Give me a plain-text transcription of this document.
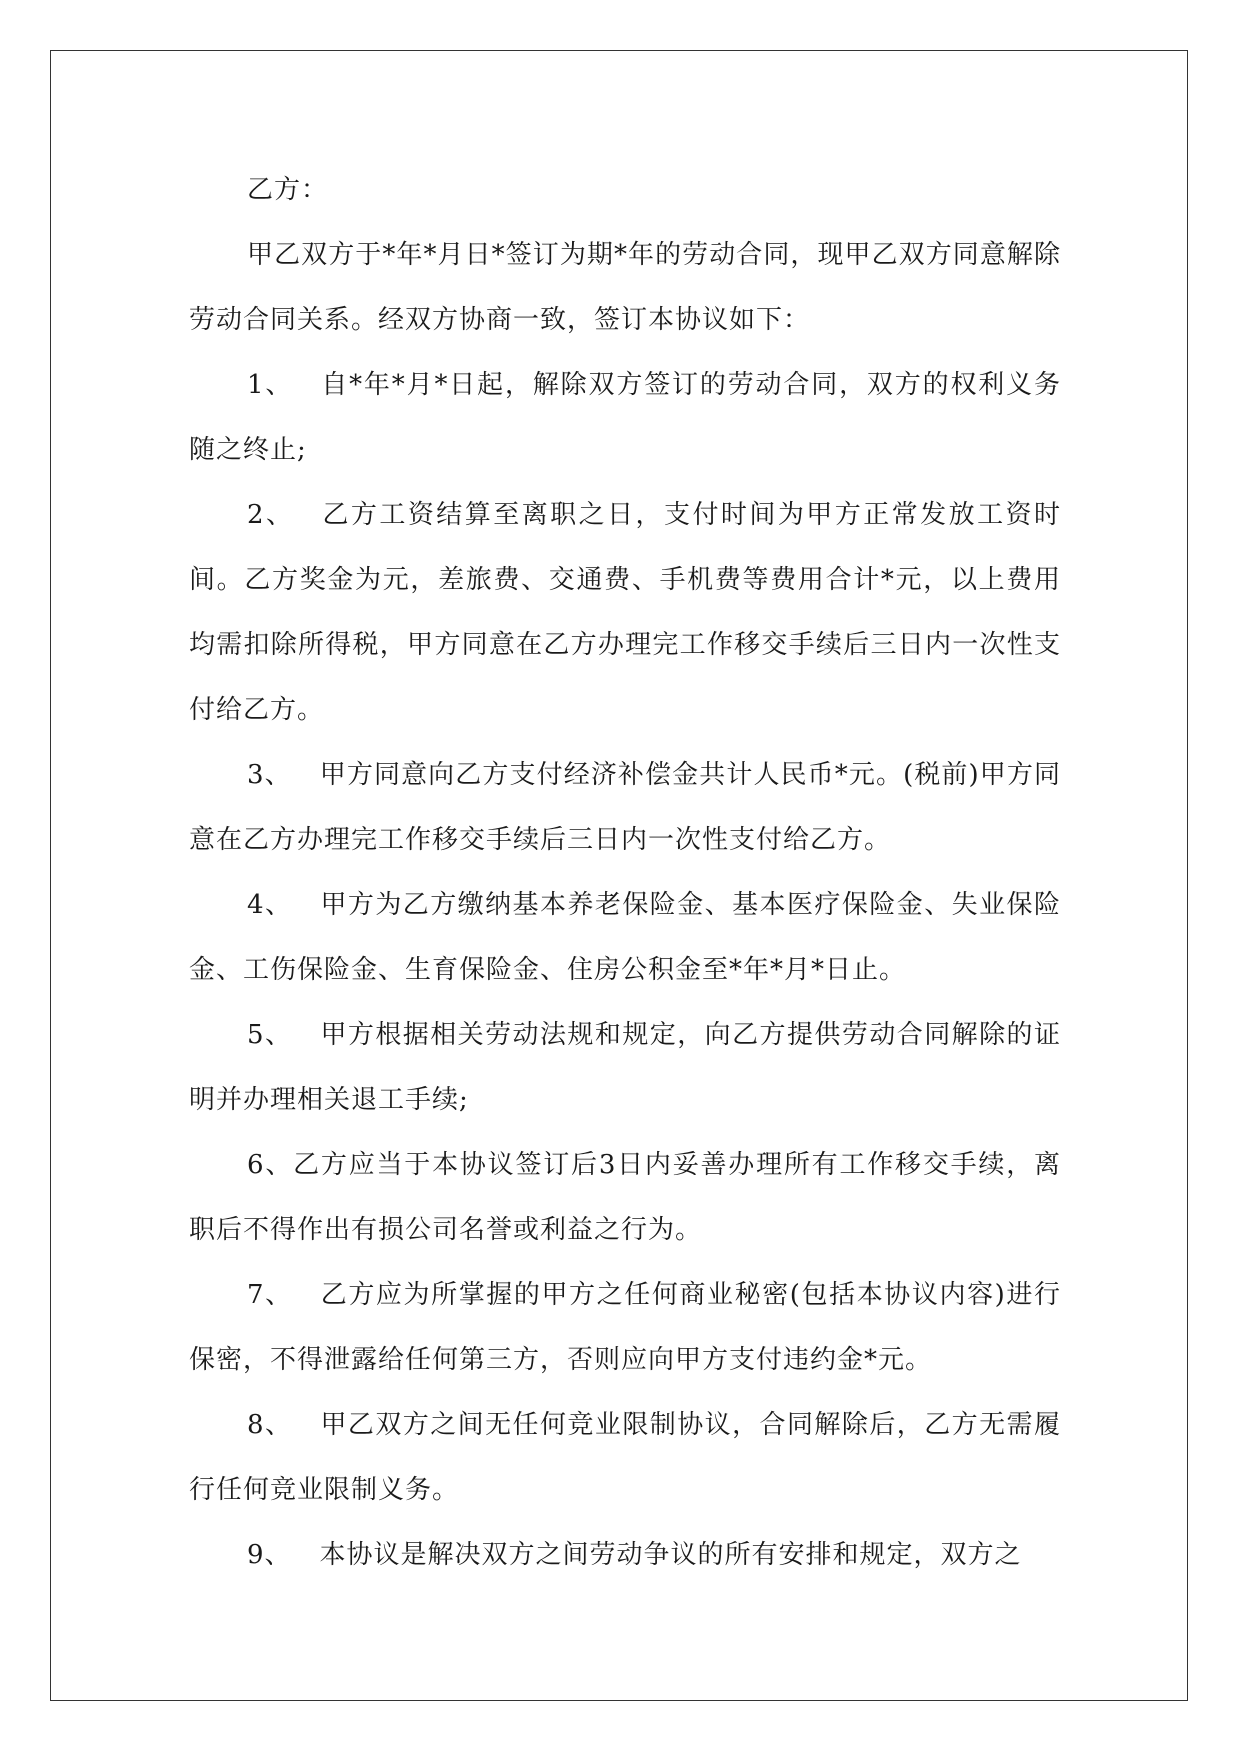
乙方：

甲乙双方于*年*月日*签订为期*年的劳动合同，现甲乙双方同意解除劳动合同关系。经双方协商一致，签订本协议如下：

1、 自*年*月*日起，解除双方签订的劳动合同，双方的权利义务随之终止;

2、 乙方工资结算至离职之日，支付时间为甲方正常发放工资时间。乙方奖金为元，差旅费、交通费、手机费等费用合计*元，以上费用均需扣除所得税，甲方同意在乙方办理完工作移交手续后三日内一次性支付给乙方。

3、 甲方同意向乙方支付经济补偿金共计人民币*元。(税前)甲方同意在乙方办理完工作移交手续后三日内一次性支付给乙方。

4、 甲方为乙方缴纳基本养老保险金、基本医疗保险金、失业保险金、工伤保险金、生育保险金、住房公积金至*年*月*日止。

5、 甲方根据相关劳动法规和规定，向乙方提供劳动合同解除的证明并办理相关退工手续;

6、乙方应当于本协议签订后3日内妥善办理所有工作移交手续，离职后不得作出有损公司名誉或利益之行为。

7、 乙方应为所掌握的甲方之任何商业秘密(包括本协议内容)进行保密，不得泄露给任何第三方，否则应向甲方支付违约金*元。

8、 甲乙双方之间无任何竞业限制协议，合同解除后，乙方无需履行任何竞业限制义务。

9、 本协议是解决双方之间劳动争议的所有安排和规定，双方之
